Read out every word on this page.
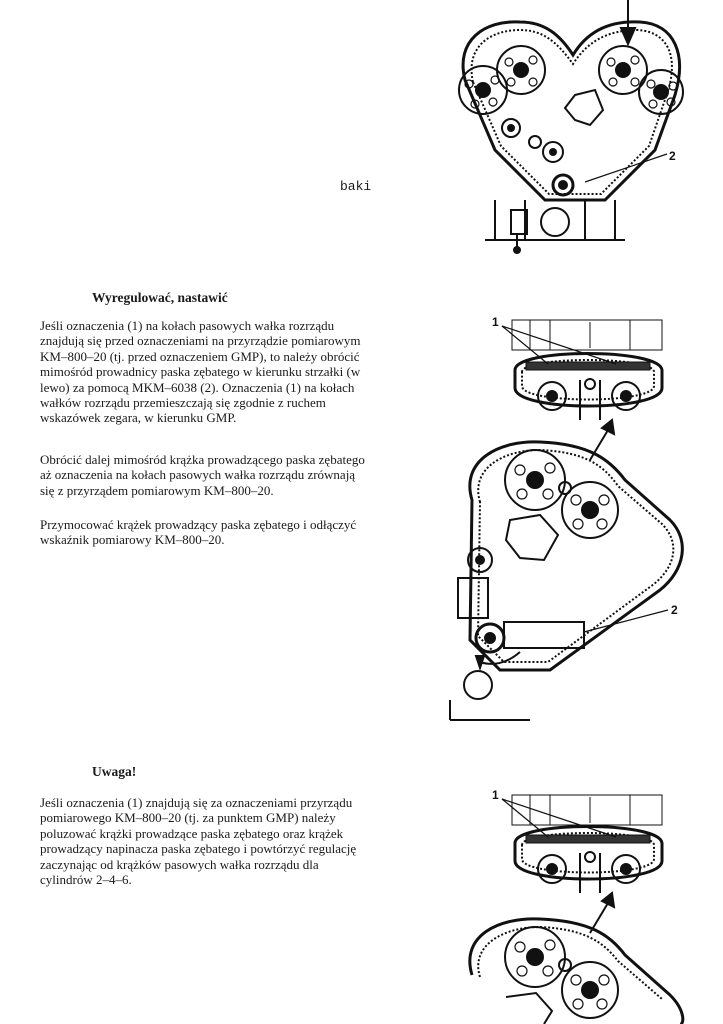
2
baki
Wyregulować, nastawić
Jeśli oznaczenia (1) na kołach pasowych wałka rozrządu
znajdują się przed oznaczeniami na przyrządzie pomiarowym
KM–800–20 (tj. przed oznaczeniem GMP), to należy obrócić
mimośród prowadnicy paska zębatego w kierunku strzałki (w
lewo) za pomocą MKM–6038 (2). Oznaczenia (1) na kołach
wałków rozrządu przemieszczają się zgodnie z ruchem
wskazówek zegara, w kierunku GMP.
Obrócić dalej mimośród krążka prowadzącego paska zębatego
aż oznaczenia na kołach pasowych wałka rozrządu zrównają
się z przyrządem pomiarowym KM–800–20.
Przymocować krążek prowadzący paska zębatego i odłączyć
wskaźnik pomiarowy KM–800–20.
1
2
Uwaga!
Jeśli oznaczenia (1) znajdują się za oznaczeniami przyrządu
pomiarowego KM–800–20 (tj. za punktem GMP) należy
poluzować krążki prowadzące paska zębatego oraz krążek
prowadzący napinacza paska zębatego i powtórzyć regulację
zaczynając od krążków pasowych wałka rozrządu dla
cylindrów 2–4–6.
1
